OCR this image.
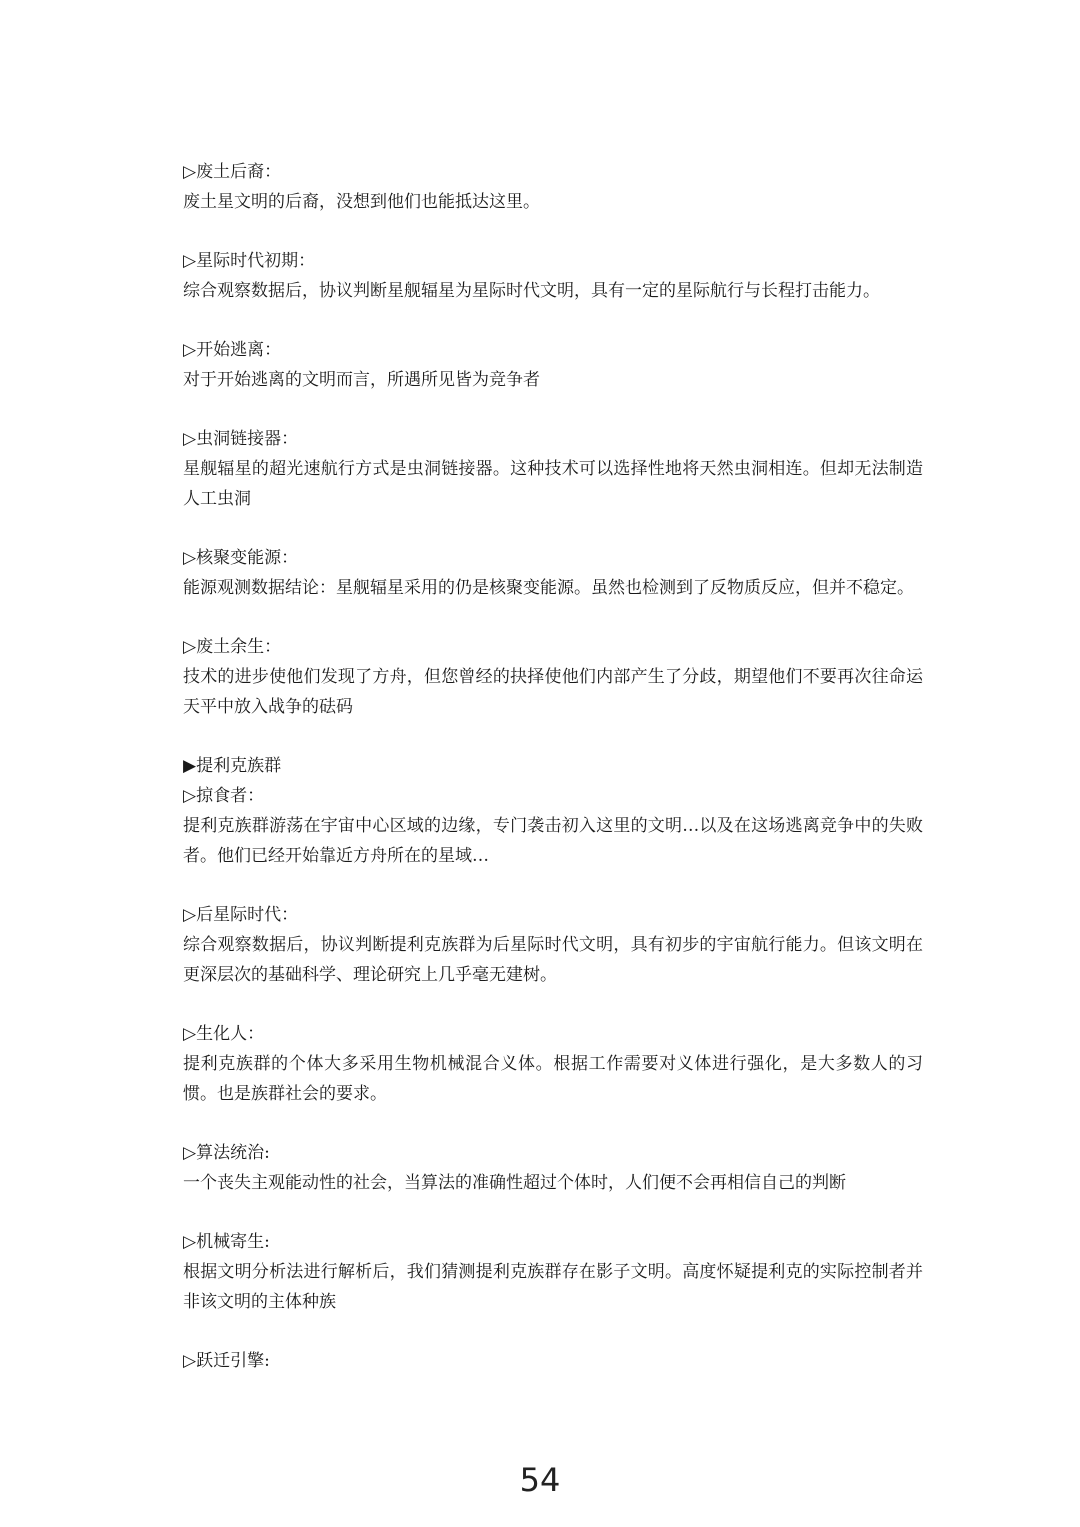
▷废土后裔：
废土星文明的后裔，没想到他们也能抵达这里。
▷星际时代初期：
综合观察数据后，协议判断星舰辐星为星际时代文明，具有一定的星际航行与长程打击能力。
▷开始逃离：
对于开始逃离的文明而言，所遇所见皆为竞争者
▷虫洞链接器：
星舰辐星的超光速航行方式是虫洞链接器。这种技术可以选择性地将天然虫洞相连。但却无法制造人工虫洞
▷核聚变能源：
能源观测数据结论：星舰辐星采用的仍是核聚变能源。虽然也检测到了反物质反应，但并不稳定。
▷废土余生：
技术的进步使他们发现了方舟，但您曾经的抉择使他们内部产生了分歧，期望他们不要再次往命运天平中放入战争的砝码
▶提利克族群
▷掠食者：
提利克族群游荡在宇宙中心区域的边缘，专门袭击初入这里的文明…以及在这场逃离竞争中的失败者。他们已经开始靠近方舟所在的星域…
▷后星际时代：
综合观察数据后，协议判断提利克族群为后星际时代文明，具有初步的宇宙航行能力。但该文明在更深层次的基础科学、理论研究上几乎毫无建树。
▷生化人：
提利克族群的个体大多采用生物机械混合义体。根据工作需要对义体进行强化，是大多数人的习惯。也是族群社会的要求。
▷算法统治:
一个丧失主观能动性的社会，当算法的准确性超过个体时，人们便不会再相信自己的判断
▷机械寄生:
根据文明分析法进行解析后，我们猜测提利克族群存在影子文明。高度怀疑提利克的实际控制者并非该文明的主体种族
▷跃迁引擎:
54
